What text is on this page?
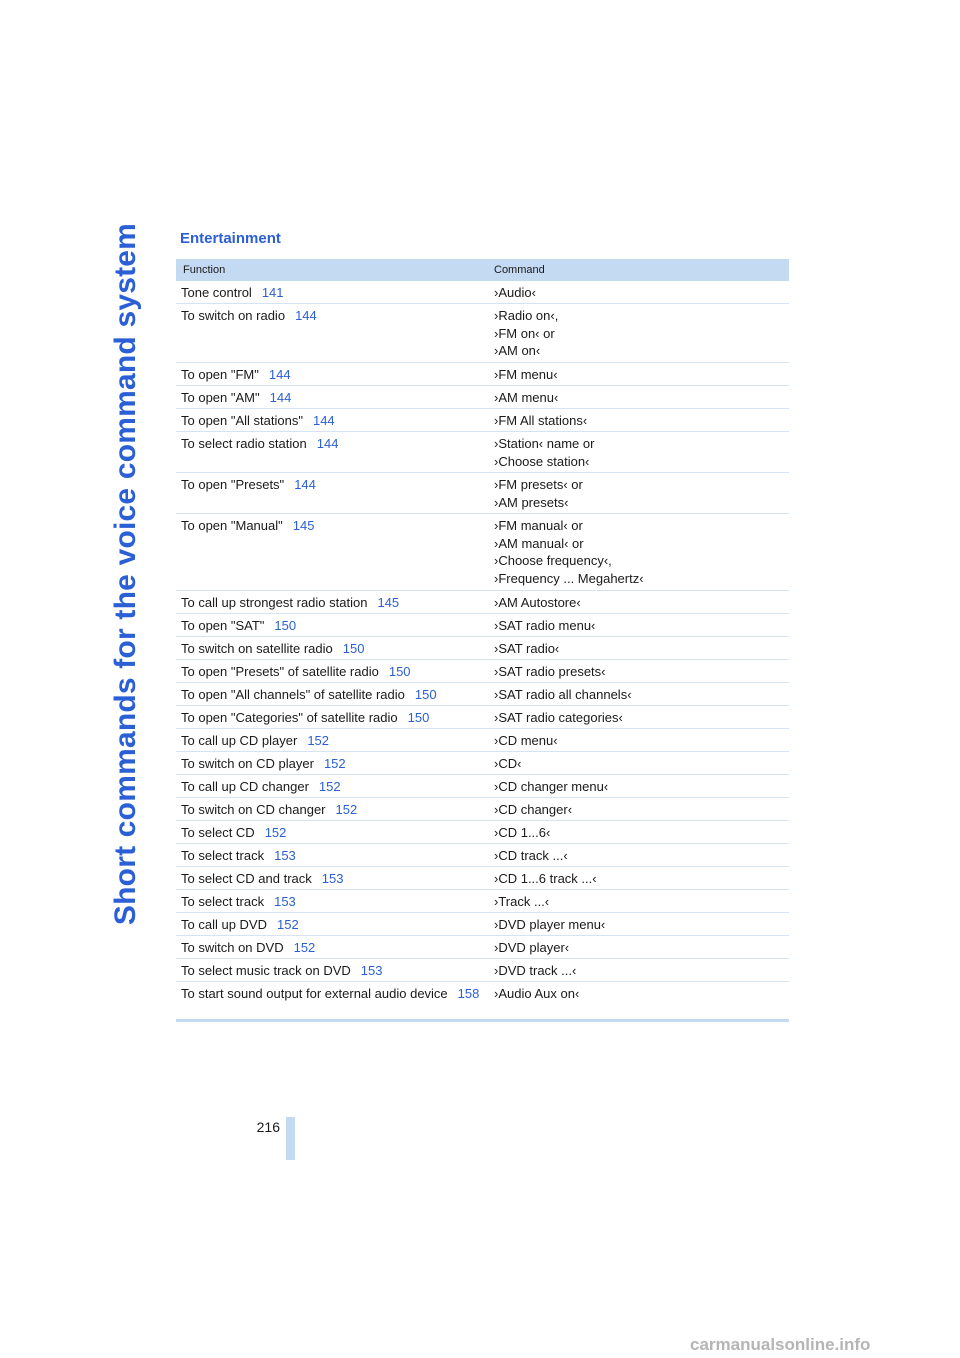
Short commands for the voice command system	Entertainment
Function	Command
Tone control 141	›Audio‹
To switch on radio 144	›Radio on‹,
›FM on‹ or
›AM on‹
To open "FM" 144	›FM menu‹
To open "AM" 144	›AM menu‹
To open "All stations" 144	›FM All stations‹
To select radio station 144	›Station‹ name or
›Choose station‹
To open "Presets" 144	›FM presets‹ or
›AM presets‹
To open "Manual" 145	›FM manual‹ or
›AM manual‹ or
›Choose frequency‹,
›Frequency ... Megahertz‹
To call up strongest radio station 145	›AM Autostore‹
To open "SAT" 150	›SAT radio menu‹
To switch on satellite radio 150	›SAT radio‹
To open "Presets" of satellite radio 150	›SAT radio presets‹
To open "All channels" of satellite radio 150	›SAT radio all channels‹
To open "Categories" of satellite radio 150	›SAT radio categories‹
To call up CD player 152	›CD menu‹
To switch on CD player 152	›CD‹
To call up CD changer 152	›CD changer menu‹
To switch on CD changer 152	›CD changer‹
To select CD 152	›CD 1...6‹
To select track 153	›CD track ...‹
To select CD and track 153	›CD 1...6 track ...‹
To select track 153	›Track ...‹
To call up DVD 152	›DVD player menu‹
To switch on DVD 152	›DVD player‹
To select music track on DVD 153	›DVD track ...‹
To start sound output for external audio device 158	›Audio Aux on‹
216
carmanualsonline.info
